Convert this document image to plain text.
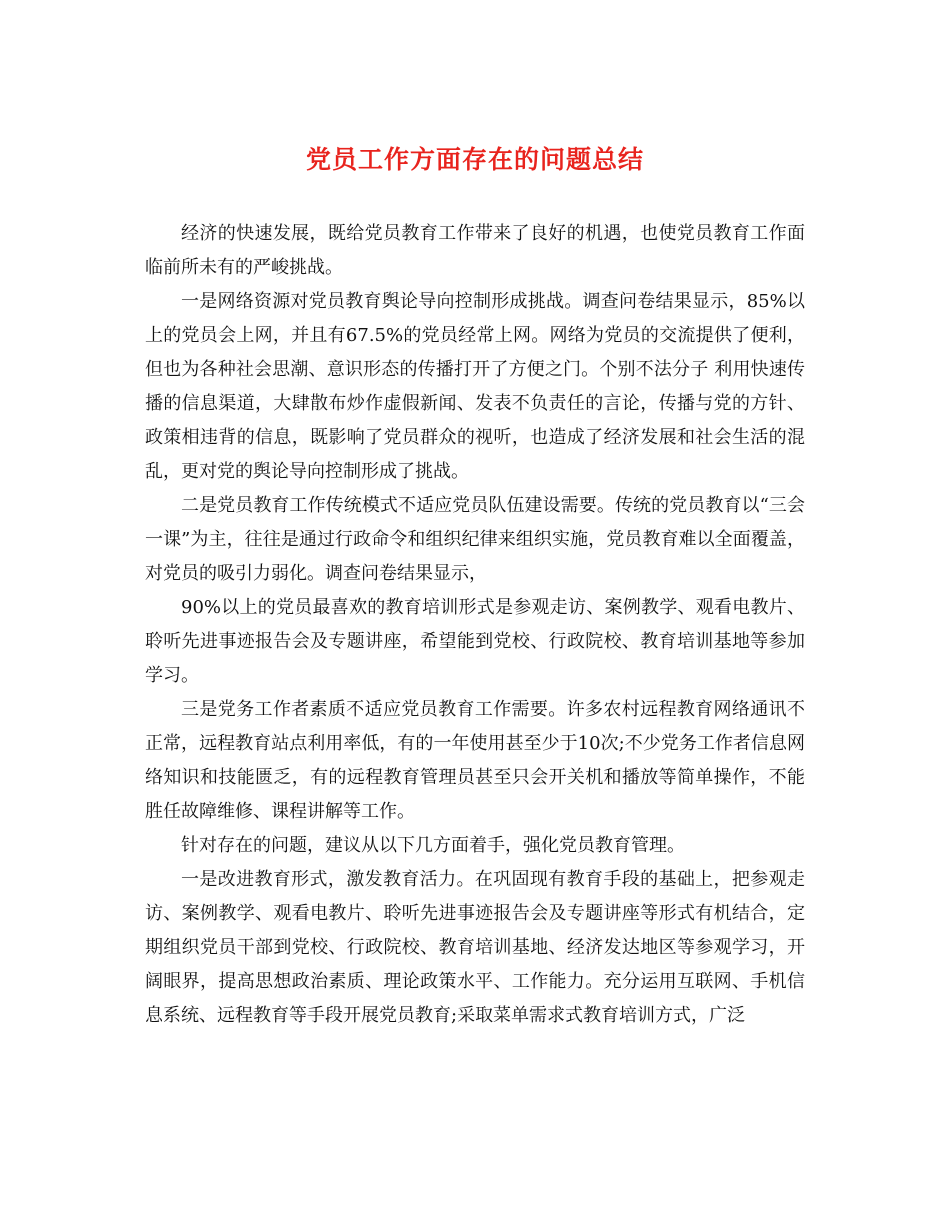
党员工作方面存在的问题总结

经济的快速发展，既给党员教育工作带来了良好的机遇，也使党员教育工作面临前所未有的严峻挑战。

一是网络资源对党员教育舆论导向控制形成挑战。调查问卷结果显示，85%以上的党员会上网，并且有67.5%的党员经常上网。网络为党员的交流提供了便利，但也为各种社会思潮、意识形态的传播打开了方便之门。个别不法分子 利用快速传播的信息渠道，大肆散布炒作虚假新闻、发表不负责任的言论，传播与党的方针、政策相违背的信息，既影响了党员群众的视听，也造成了经济发展和社会生活的混乱，更对党的舆论导向控制形成了挑战。

二是党员教育工作传统模式不适应党员队伍建设需要。传统的党员教育以“三会一课”为主，往往是通过行政命令和组织纪律来组织实施，党员教育难以全面覆盖，对党员的吸引力弱化。调查问卷结果显示，

90%以上的党员最喜欢的教育培训形式是参观走访、案例教学、观看电教片、聆听先进事迹报告会及专题讲座，希望能到党校、行政院校、教育培训基地等参加学习。

三是党务工作者素质不适应党员教育工作需要。许多农村远程教育网络通讯不正常，远程教育站点利用率低，有的一年使用甚至少于10次;不少党务工作者信息网络知识和技能匮乏，有的远程教育管理员甚至只会开关机和播放等简单操作，不能胜任故障维修、课程讲解等工作。

针对存在的问题，建议从以下几方面着手，强化党员教育管理。

一是改进教育形式，激发教育活力。在巩固现有教育手段的基础上，把参观走访、案例教学、观看电教片、聆听先进事迹报告会及专题讲座等形式有机结合，定期组织党员干部到党校、行政院校、教育培训基地、经济发达地区等参观学习，开阔眼界，提高思想政治素质、理论政策水平、工作能力。充分运用互联网、手机信息系统、远程教育等手段开展党员教育;采取菜单需求式教育培训方式，广泛
